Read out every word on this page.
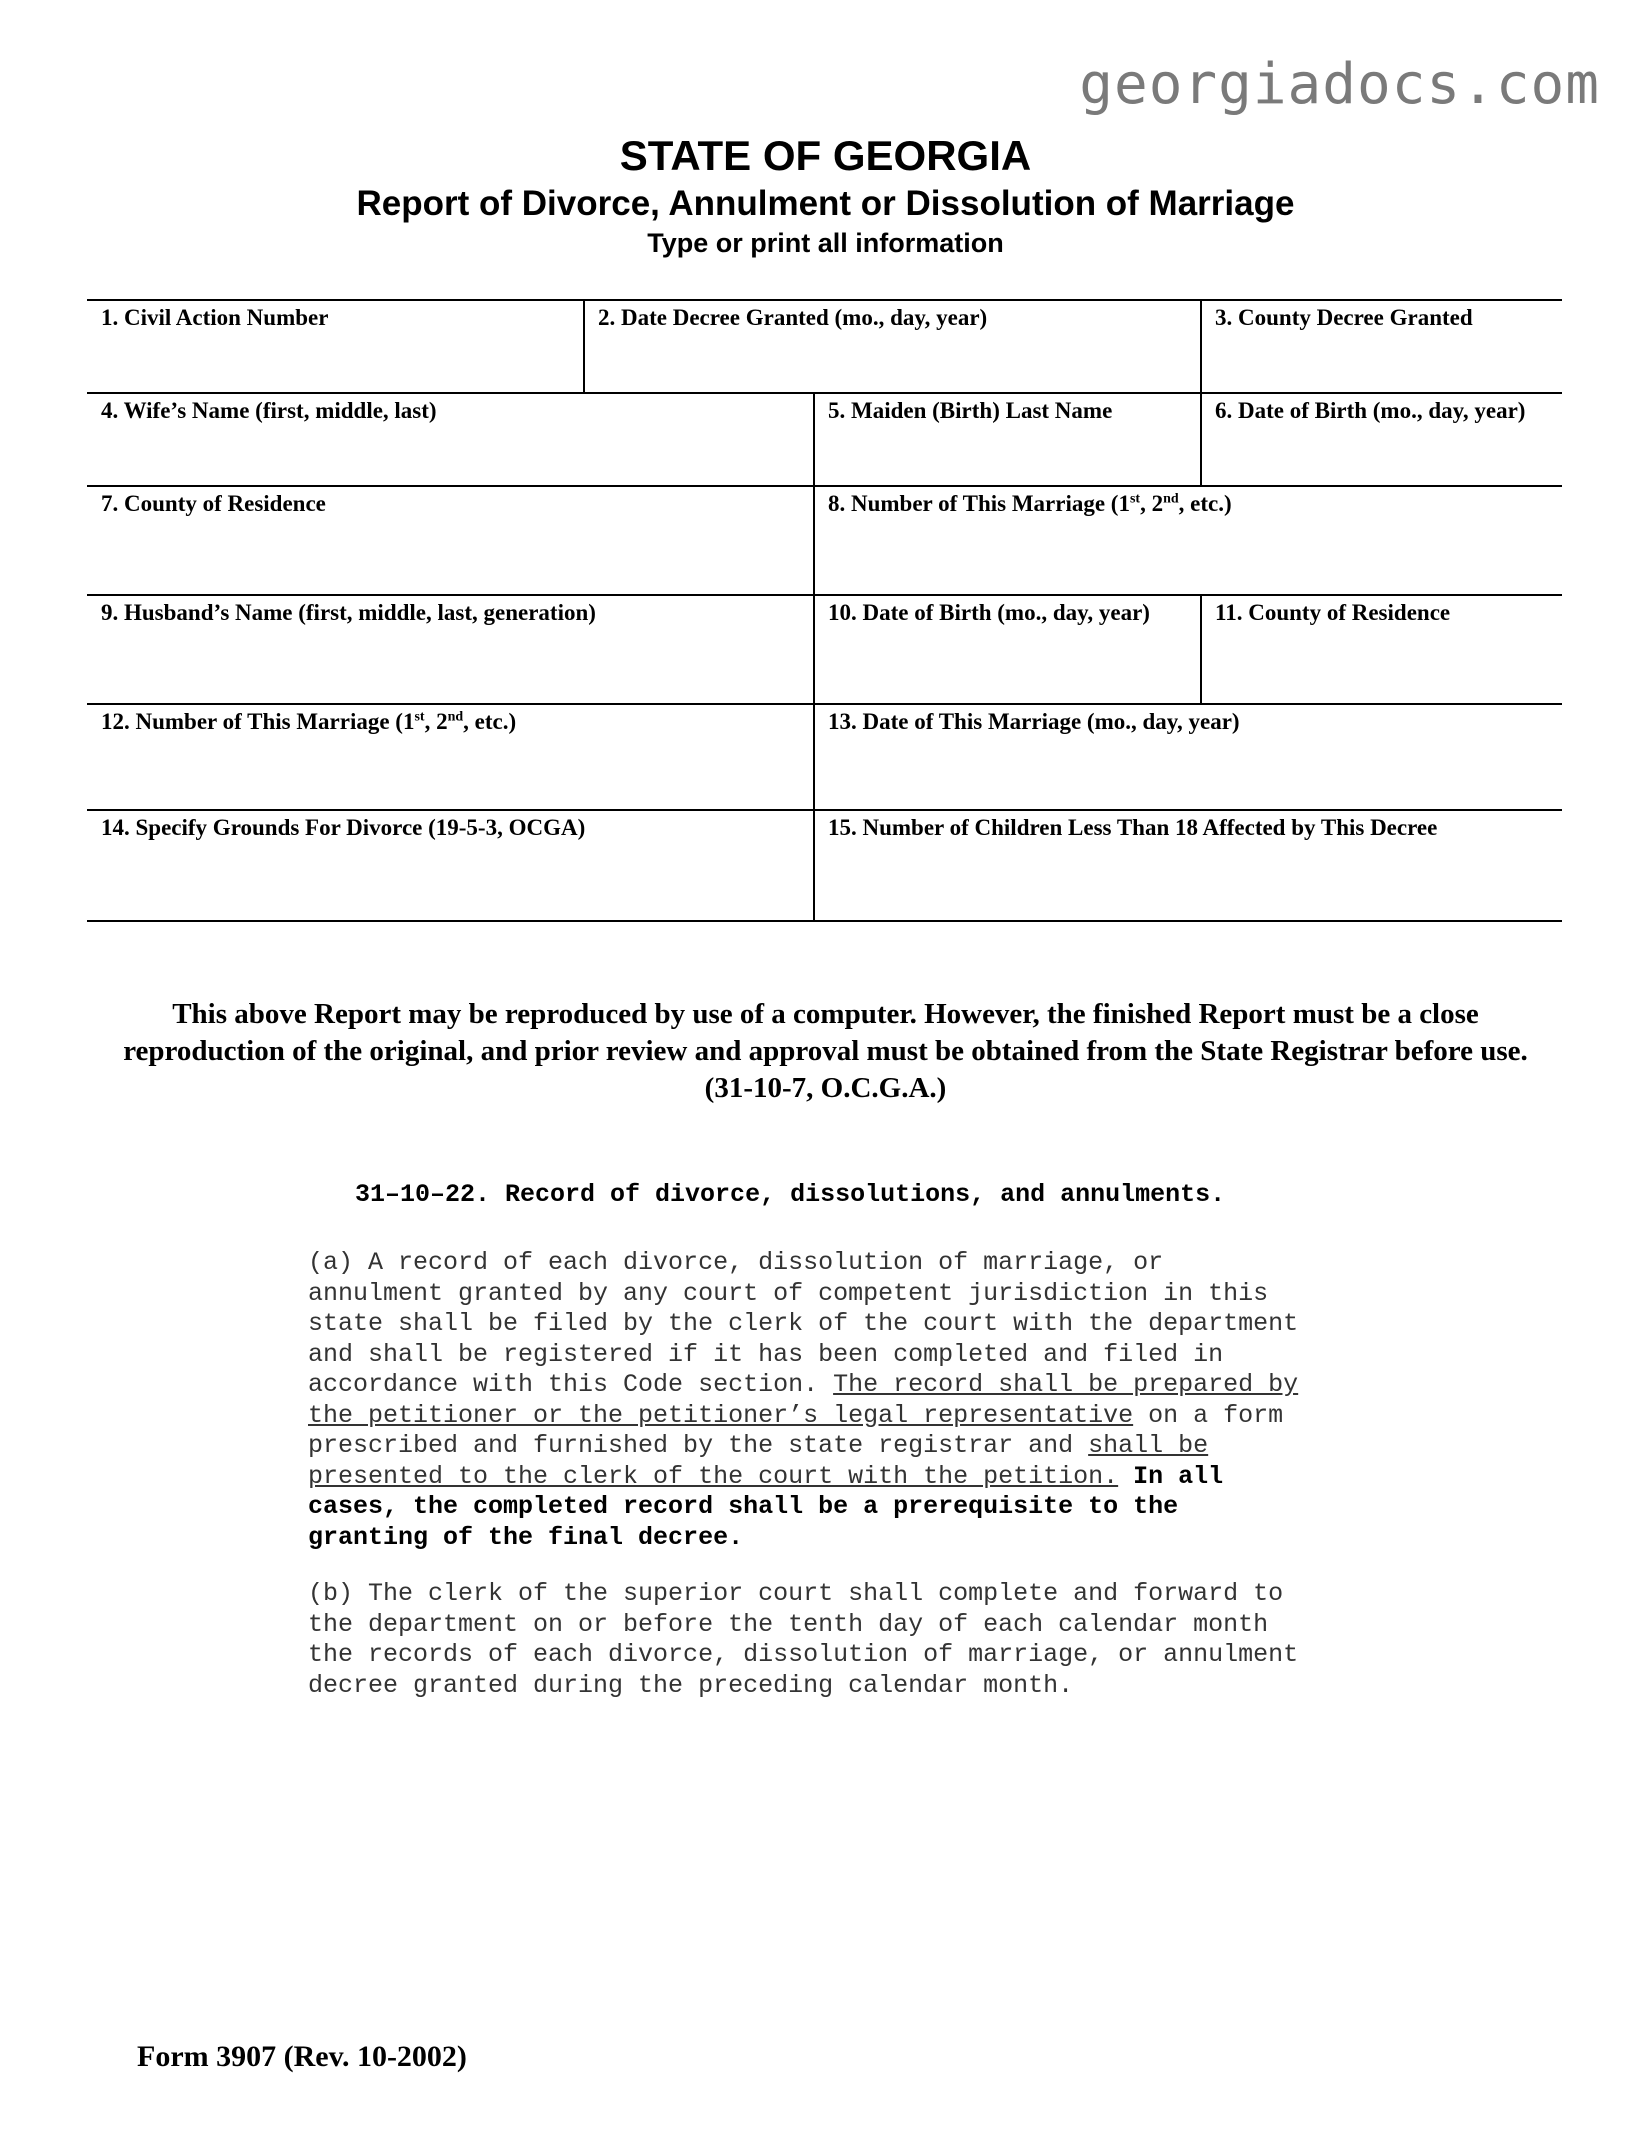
georgiadocs.com
STATE OF GEORGIA
Report of Divorce, Annulment or Dissolution of Marriage
Type or print all information
1. Civil Action Number	2. Date Decree Granted (mo., day, year)	3. County Decree Granted
4. Wife’s Name (first, middle, last)	5. Maiden (Birth) Last Name	6. Date of Birth (mo., day, year)
7. County of Residence	8. Number of This Marriage (1st, 2nd, etc.)
9. Husband’s Name (first, middle, last, generation)	10. Date of Birth (mo., day, year)	11. County of Residence
12. Number of This Marriage (1st, 2nd, etc.)	13. Date of This Marriage (mo., day, year)
14. Specify Grounds For Divorce (19-5-3, OCGA)	15. Number of Children Less Than 18 Affected by This Decree

This above Report may be reproduced by use of a computer. However, the finished Report must be a close

reproduction of the original, and prior review and approval must be obtained from the State Registrar before use.

(31-10-7, O.C.G.A.)

31–10–22. Record of divorce, dissolutions, and annulments.
(a) A record of each divorce, dissolution of marriage, or
annulment granted by any court of competent jurisdiction in this
state shall be filed by the clerk of the court with the department
and shall be registered if it has been completed and filed in
accordance with this Code section. The record shall be prepared by
the petitioner or the petitioner’s legal representative on a form
prescribed and furnished by the state registrar and shall be
presented to the clerk of the court with the petition. In all
cases, the completed record shall be a prerequisite to the
granting of the final decree.
(b) The clerk of the superior court shall complete and forward to
the department on or before the tenth day of each calendar month
the records of each divorce, dissolution of marriage, or annulment
decree granted during the preceding calendar month.
Form 3907 (Rev. 10-2002)
